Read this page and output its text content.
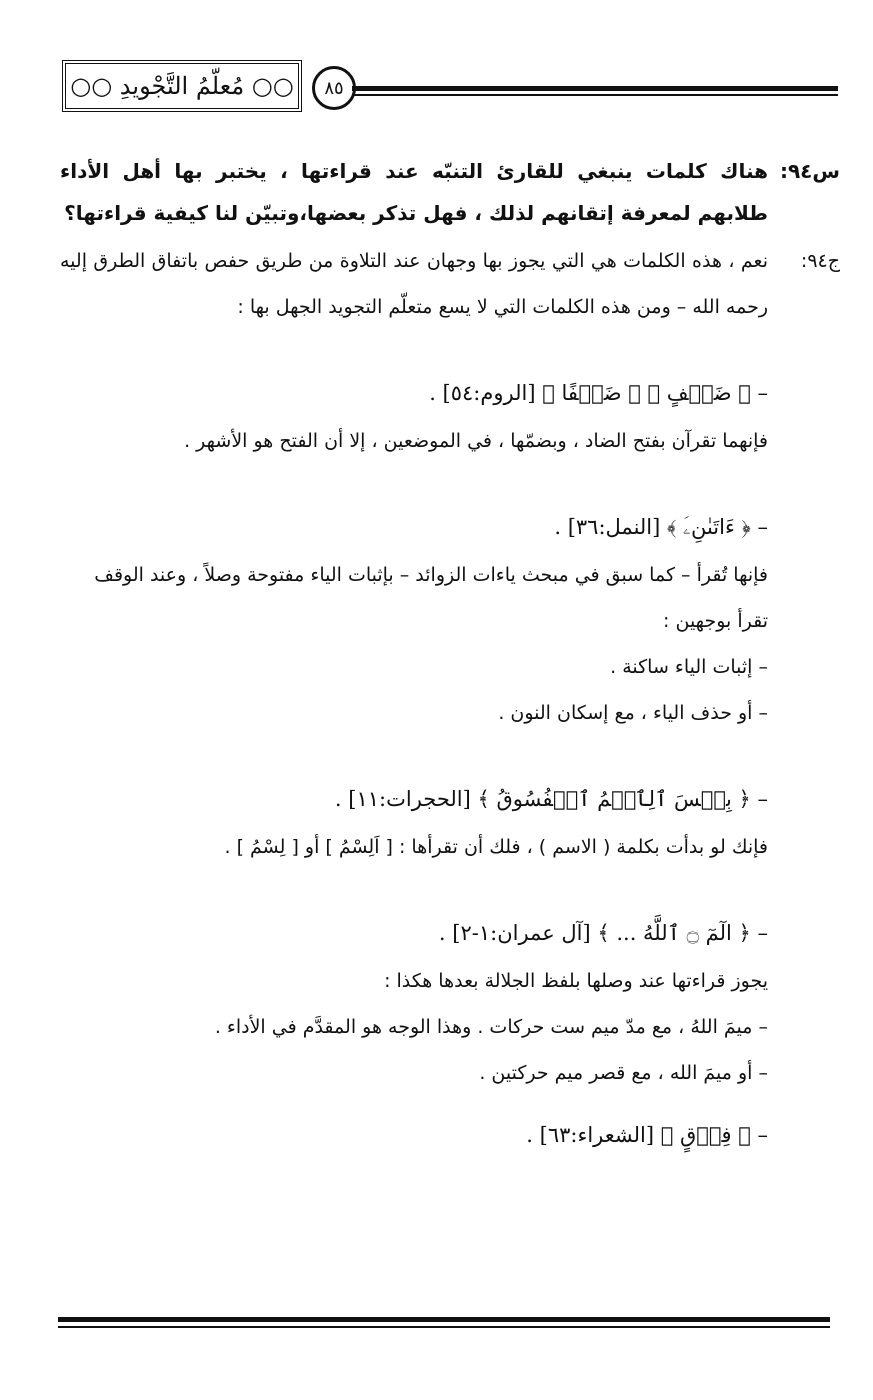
○○ مُعلّمُ التَّجْويدِ ○○ ٨٥
س٩٤:
هناك كلمات ينبغي للقارئ التنبّه عند قراءتها ، يختبر بها أهل الأداء طلابهم لمعرفة إتقانهم لذلك ، فهل تذكر بعضها،وتبيّن لنا كيفية قراءتها؟
ج٩٤:
نعم ، هذه الكلمات هي التي يجوز بها وجهان عند التلاوة من طريق حفص باتفاق الطرق إليه رحمه الله – ومن هذه الكلمات التي لا يسع متعلّم التجويد الجهل بها :
– ﴿ ضَعۡفٍ ﴾ ﴿ ضَعۡفًا ﴾ [الروم:٥٤] .
فإنهما تقرآن بفتح الضاد ، وبضمّها ، في الموضعين ، إلا أن الفتح هو الأشهر .
– ﴿ ءَاتَىٰنِۦَ ﴾ [النمل:٣٦] .
فإنها تُقرأ – كما سبق في مبحث ياءات الزوائد – بإثبات الياء مفتوحة وصلاً ، وعند الوقف تقرأ بوجهين :
– إثبات الياء ساكنة .
– أو حذف الياء ، مع إسكان النون .
– ﴿ بِئۡسَ ٱلِٱسۡمُ ٱلۡفُسُوقُ ﴾ [الحجرات:١١] .
فإنك لو بدأت بكلمة ( الاسم ) ، فلك أن تقرأها : [ اَلِسْمُ ] أو [ لِسْمُ ] .
– ﴿ الٓمٓ ۝ ٱللَّهُ ... ﴾ [آل عمران:١-٢] .
يجوز قراءتها عند وصلها بلفظ الجلالة بعدها هكذا :
– ميمَ اللهُ ، مع مدّ ميم ست حركات . وهذا الوجه هو المقدَّم في الأداء .
– أو ميمَ الله ، مع قصر ميم حركتين .
– ﴿ فِرۡقٍ ﴾ [الشعراء:٦٣] .
